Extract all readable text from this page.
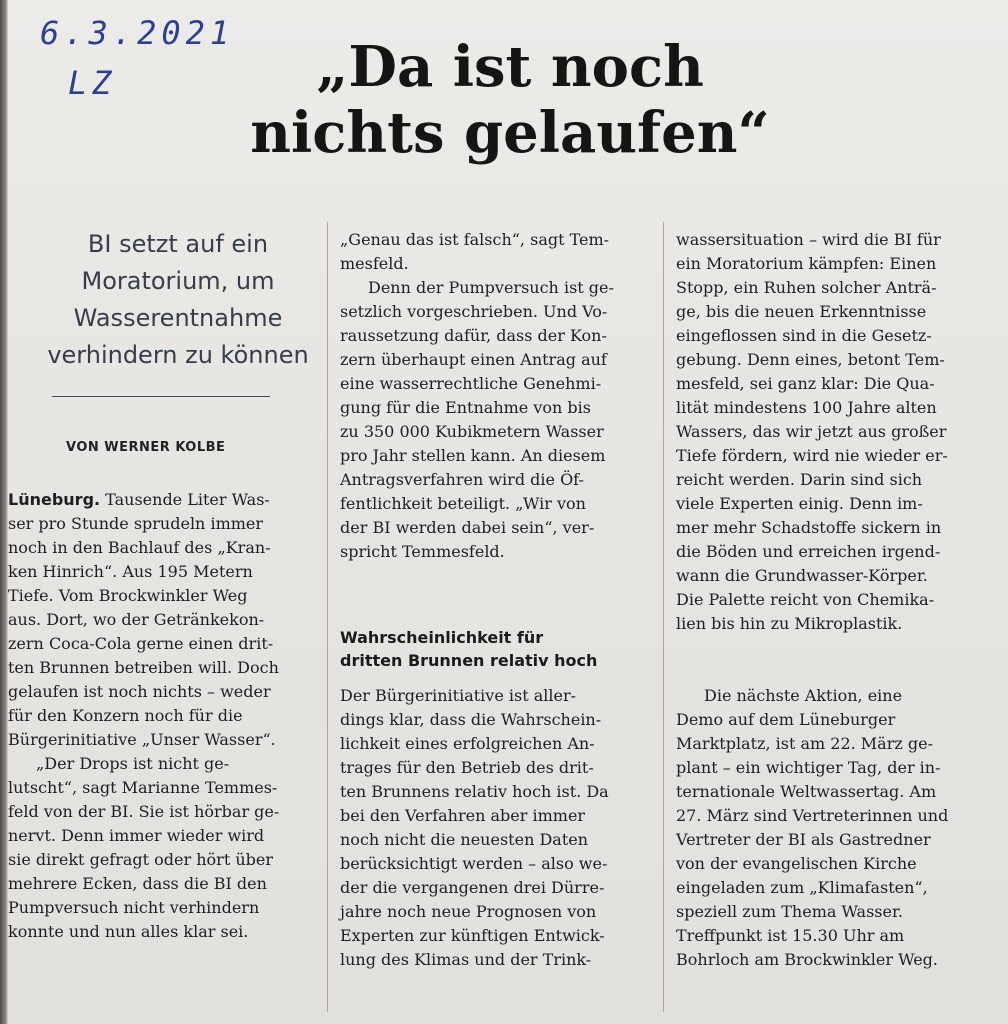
6.3.2021
LZ	„Da ist noch
nichts gelaufen“
BI setzt auf ein
Moratorium, um
Wasserentnahme
verhindern zu können
VON WERNER KOLBE
Lüneburg. Tausende Liter Was-
ser pro Stunde sprudeln immer
noch in den Bachlauf des „Kran-
ken Hinrich“. Aus 195 Metern
Tiefe. Vom Brockwinkler Weg
aus. Dort, wo der Getränkekon-
zern Coca-Cola gerne einen drit-
ten Brunnen betreiben will. Doch
gelaufen ist noch nichts – weder
für den Konzern noch für die
Bürgerinitiative „Unser Wasser“.
„Der Drops ist nicht ge-
lutscht“, sagt Marianne Temmes-
feld von der BI. Sie ist hörbar ge-
nervt. Denn immer wieder wird
sie direkt gefragt oder hört über
mehrere Ecken, dass die BI den
Pumpversuch nicht verhindern
konnte und nun alles klar sei.
„Genau das ist falsch“, sagt Tem-
mesfeld.
Denn der Pumpversuch ist ge-
setzlich vorgeschrieben. Und Vo-
raussetzung dafür, dass der Kon-
zern überhaupt einen Antrag auf
eine wasserrechtliche Genehmi-
gung für die Entnahme von bis
zu 350 000 Kubikmetern Wasser
pro Jahr stellen kann. An diesem
Antragsverfahren wird die Öf-
fentlichkeit beteiligt. „Wir von
der BI werden dabei sein“, ver-
spricht Temmesfeld.
Wahrscheinlichkeit für
dritten Brunnen relativ hoch
Der Bürgerinitiative ist aller-
dings klar, dass die Wahrschein-
lichkeit eines erfolgreichen An-
trages für den Betrieb des drit-
ten Brunnens relativ hoch ist. Da
bei den Verfahren aber immer
noch nicht die neuesten Daten
berücksichtigt werden – also we-
der die vergangenen drei Dürre-
jahre noch neue Prognosen von
Experten zur künftigen Entwick-
lung des Klimas und der Trink-
wassersituation – wird die BI für
ein Moratorium kämpfen: Einen
Stopp, ein Ruhen solcher Anträ-
ge, bis die neuen Erkenntnisse
eingeflossen sind in die Gesetz-
gebung. Denn eines, betont Tem-
mesfeld, sei ganz klar: Die Qua-
lität mindestens 100 Jahre alten
Wassers, das wir jetzt aus großer
Tiefe fördern, wird nie wieder er-
reicht werden. Darin sind sich
viele Experten einig. Denn im-
mer mehr Schadstoffe sickern in
die Böden und erreichen irgend-
wann die Grundwasser-Körper.
Die Palette reicht von Chemika-
lien bis hin zu Mikroplastik.
Die nächste Aktion, eine
Demo auf dem Lüneburger
Marktplatz, ist am 22. März ge-
plant – ein wichtiger Tag, der in-
ternationale Weltwassertag. Am
27. März sind Vertreterinnen und
Vertreter der BI als Gastredner
von der evangelischen Kirche
eingeladen zum „Klimafasten“,
speziell zum Thema Wasser.
Treffpunkt ist 15.30 Uhr am
Bohrloch am Brockwinkler Weg.
